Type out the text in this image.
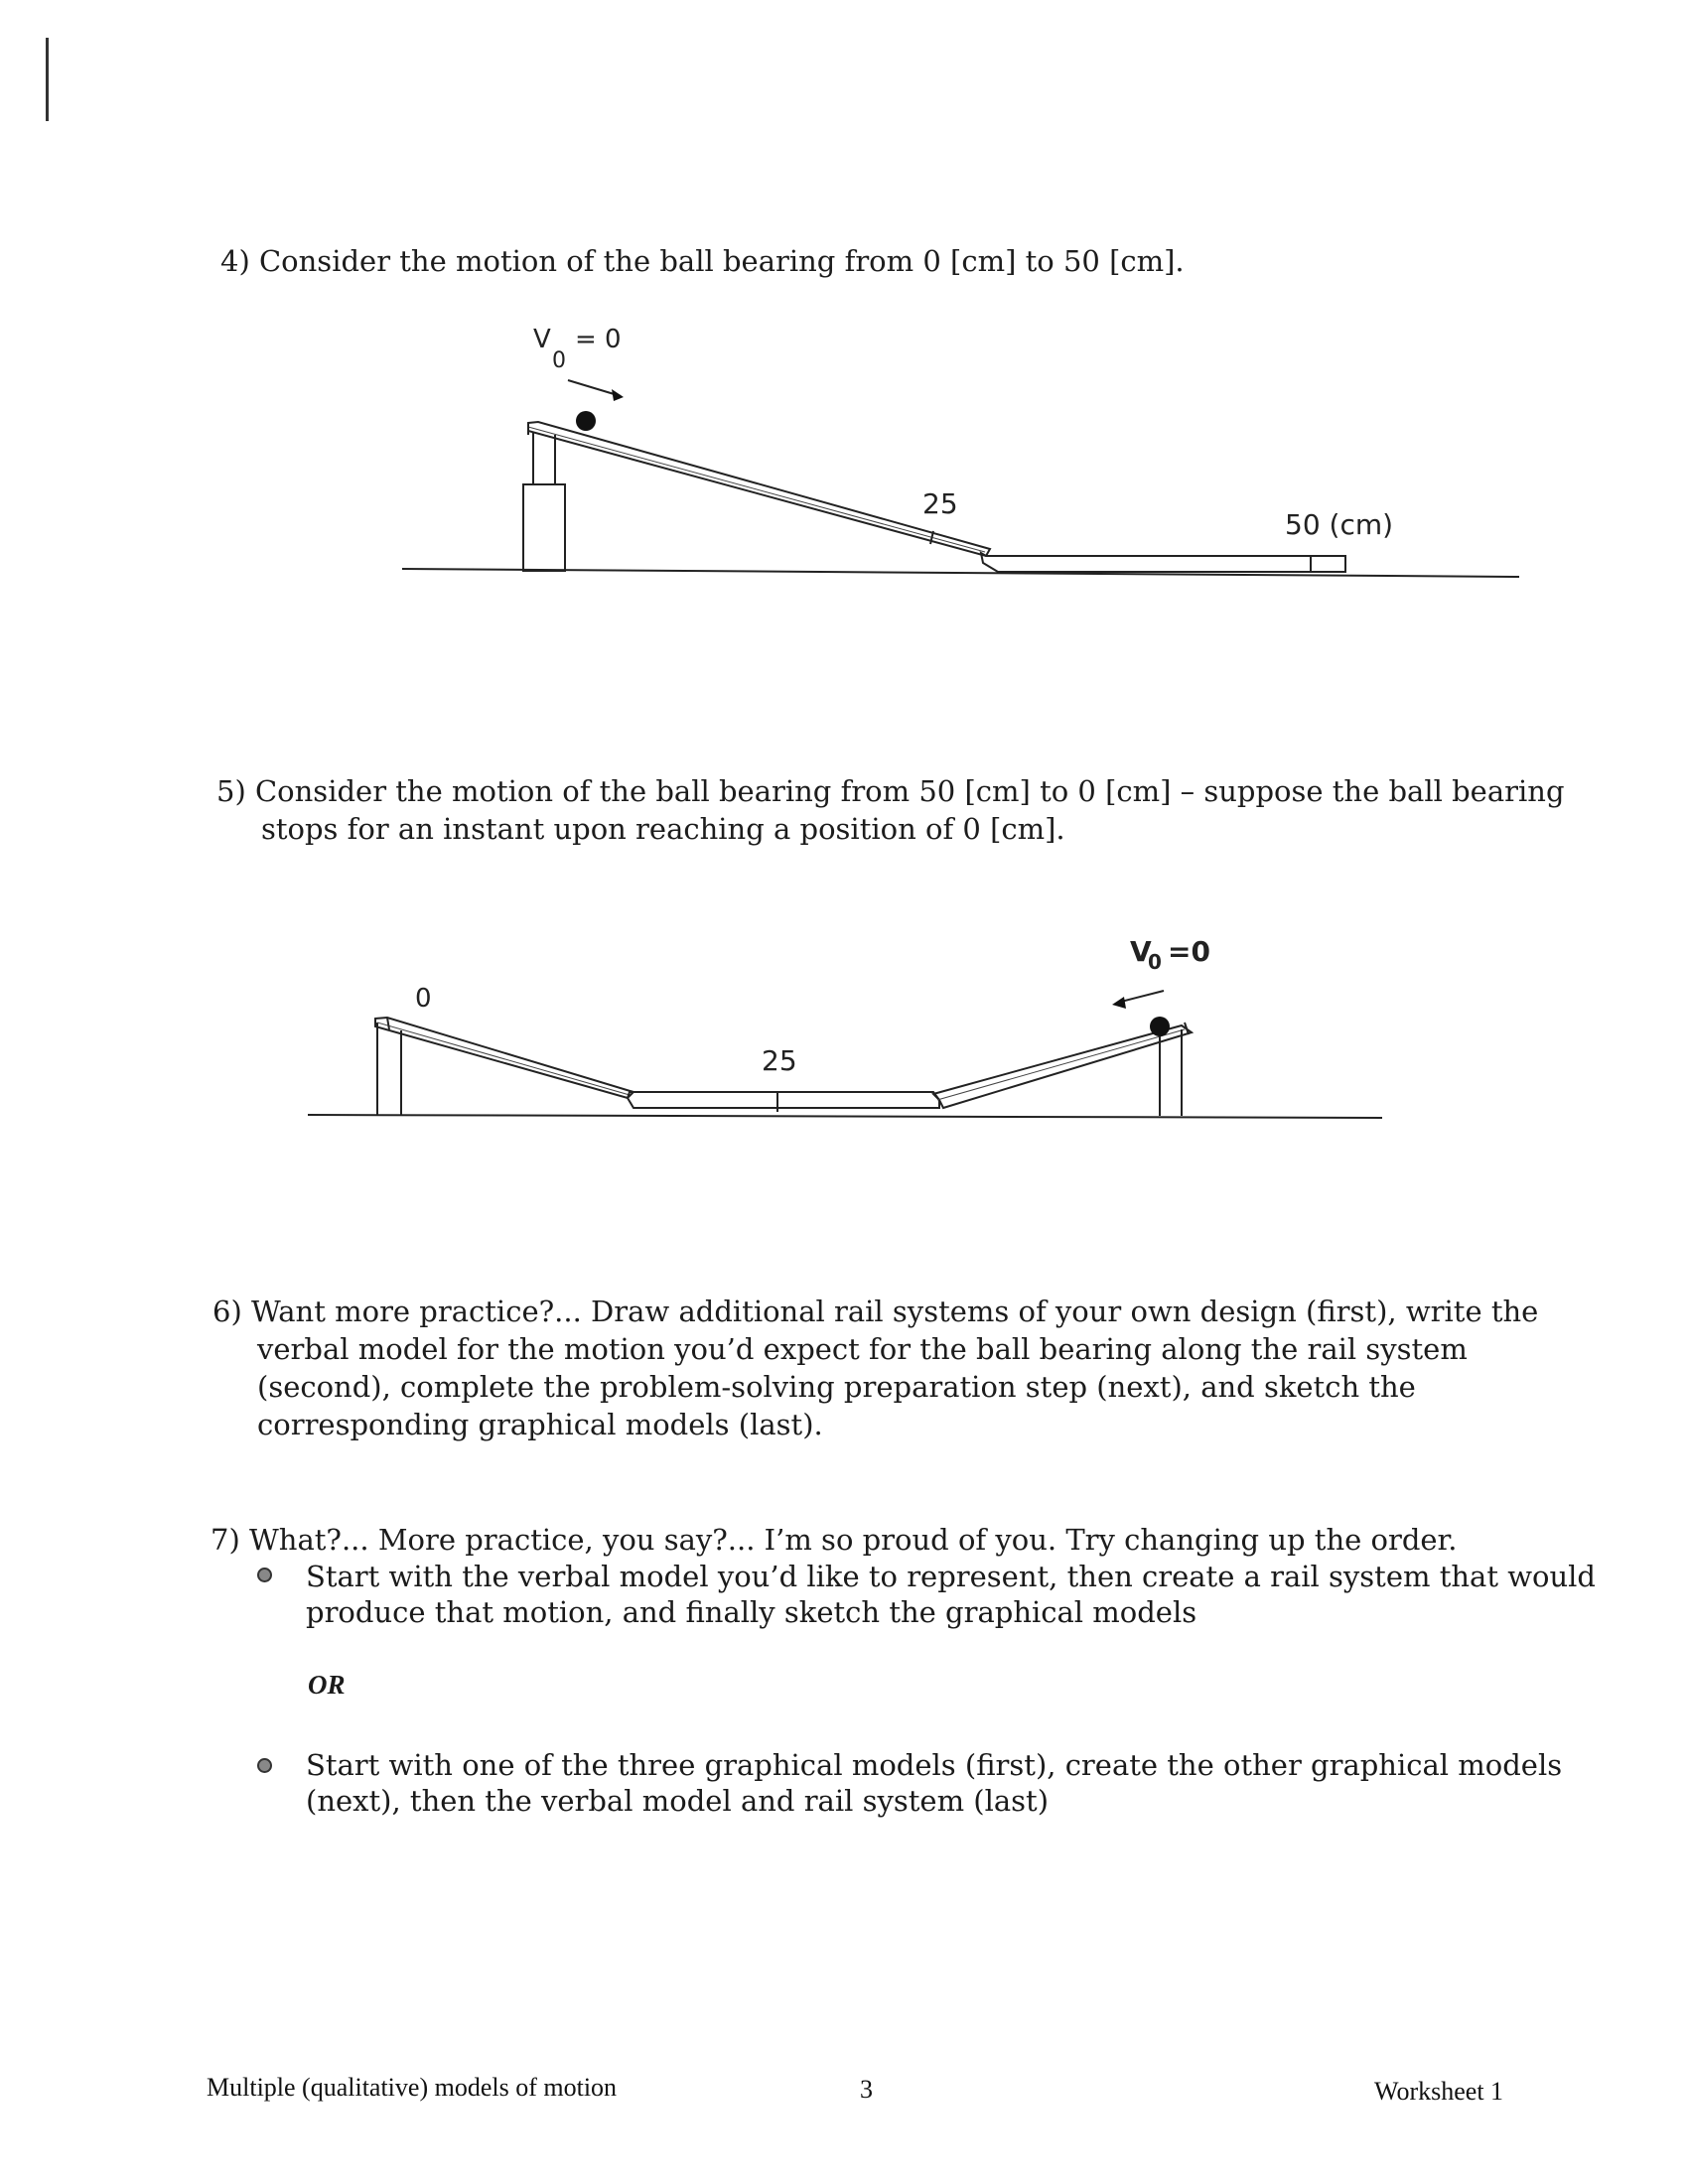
4) Consider the motion of the ball bearing from 0 [cm] to 50 [cm].
V
0
= 0
25
50 (cm)
5) Consider the motion of the ball bearing from 50 [cm] to 0 [cm] – suppose the ball bearing
stops for an instant upon reaching a position of 0 [cm].
V
0 =0
0
25
6) Want more practice?... Draw additional rail systems of your own design (first), write the
verbal model for the motion you’d expect for the ball bearing along the rail system
(second), complete the problem-solving preparation step (next), and sketch the
corresponding graphical models (last).
7) What?... More practice, you say?... I’m so proud of you. Try changing up the order.
Start with the verbal model you’d like to represent, then create a rail system that would
produce that motion, and finally sketch the graphical models
OR
Start with one of the three graphical models (first), create the other graphical models
(next), then the verbal model and rail system (last)
Multiple (qualitative) models of motion	3	Worksheet 1
